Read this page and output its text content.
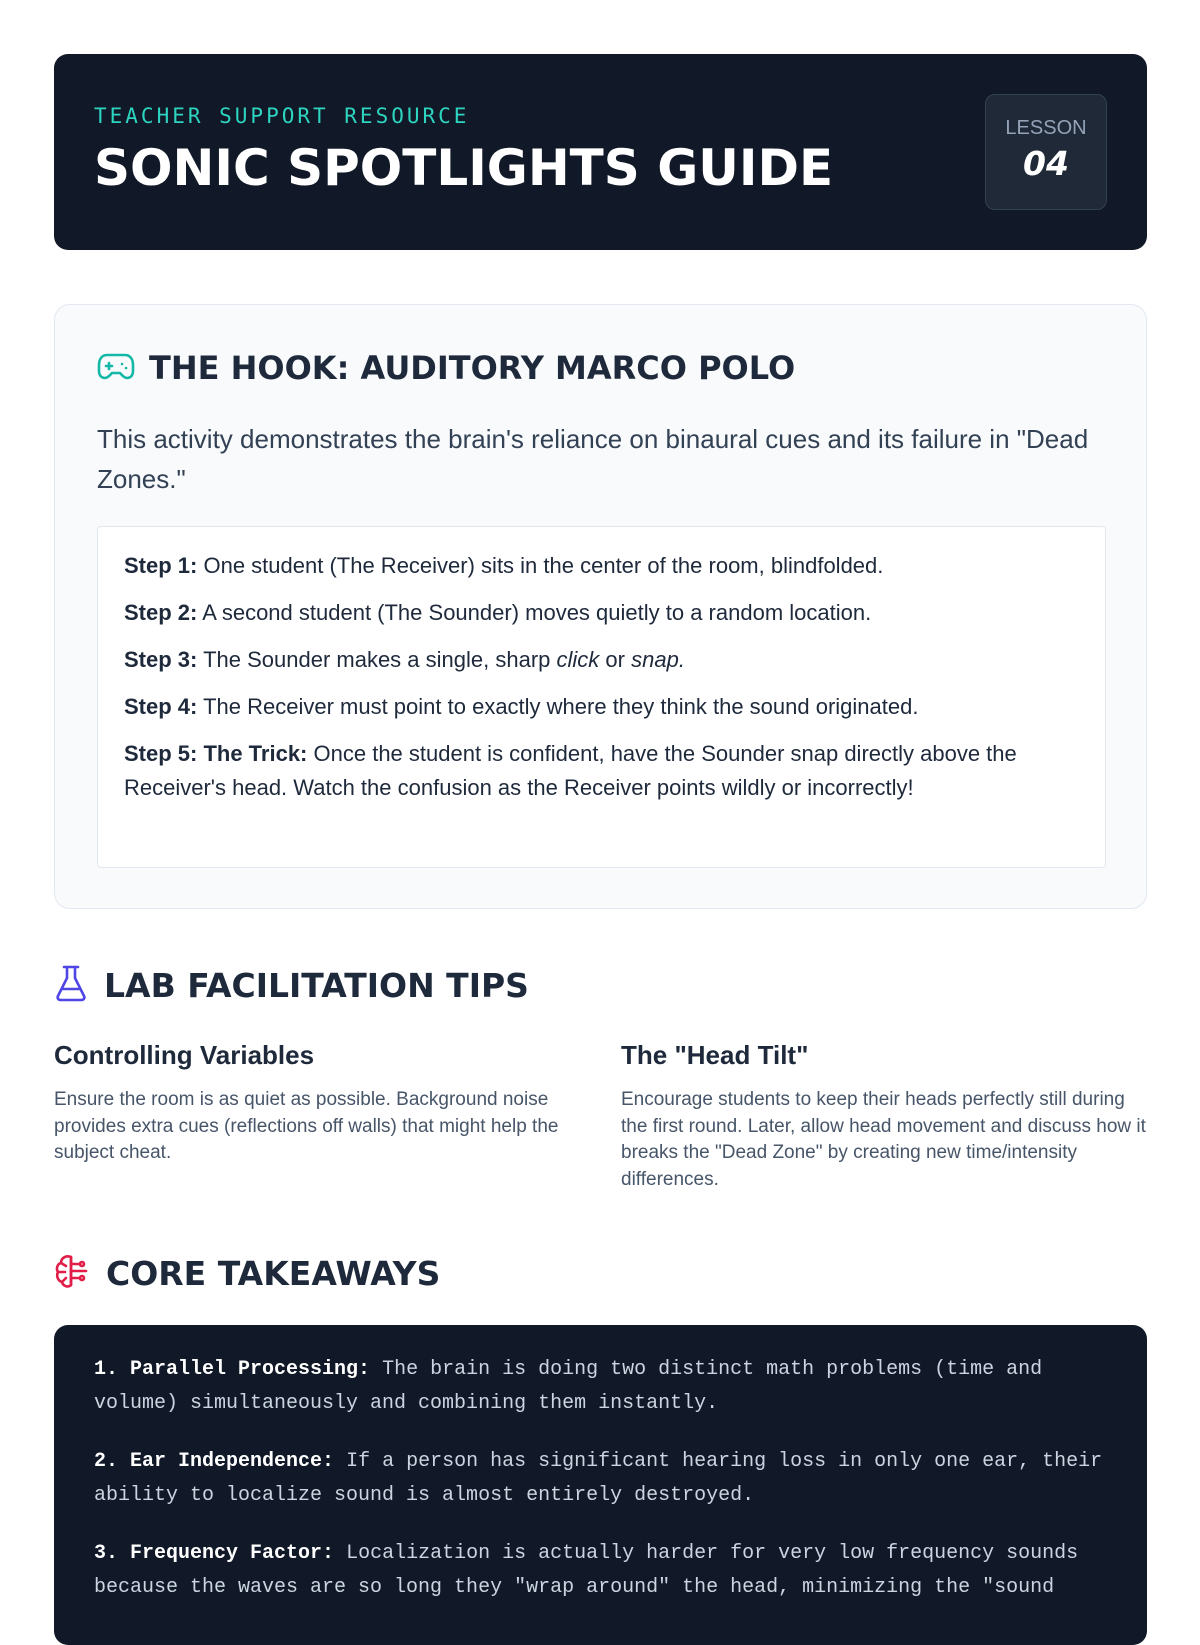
TEACHER SUPPORT RESOURCE
SONIC SPOTLIGHTS GUIDE
LESSON
04
THE HOOK: AUDITORY MARCO POLO

This activity demonstrates the brain's reliance on binaural cues and its failure in "Dead Zones."

Step 1: One student (The Receiver) sits in the center of the room, blindfolded.

Step 2: A second student (The Sounder) moves quietly to a random location.

Step 3: The Sounder makes a single, sharp click or snap.

Step 4: The Receiver must point to exactly where they think the sound originated.

Step 5: The Trick: Once the student is confident, have the Sounder snap directly above the Receiver's head. Watch the confusion as the Receiver points wildly or incorrectly!

LAB FACILITATION TIPS
Controlling Variables

Ensure the room is as quiet as possible. Background noise provides extra cues (reflections off walls) that might help the subject cheat.

The "Head Tilt"

Encourage students to keep their heads perfectly still during the first round. Later, allow head movement and discuss how it breaks the "Dead Zone" by creating new time/intensity differences.

CORE TAKEAWAYS

1. Parallel Processing: The brain is doing two distinct math problems (time and volume) simultaneously and combining them instantly.

2. Ear Independence: If a person has significant hearing loss in only one ear, their ability to localize sound is almost entirely destroyed.

3. Frequency Factor: Localization is actually harder for very low frequency sounds because the waves are so long they "wrap around" the head, minimizing the "sound
